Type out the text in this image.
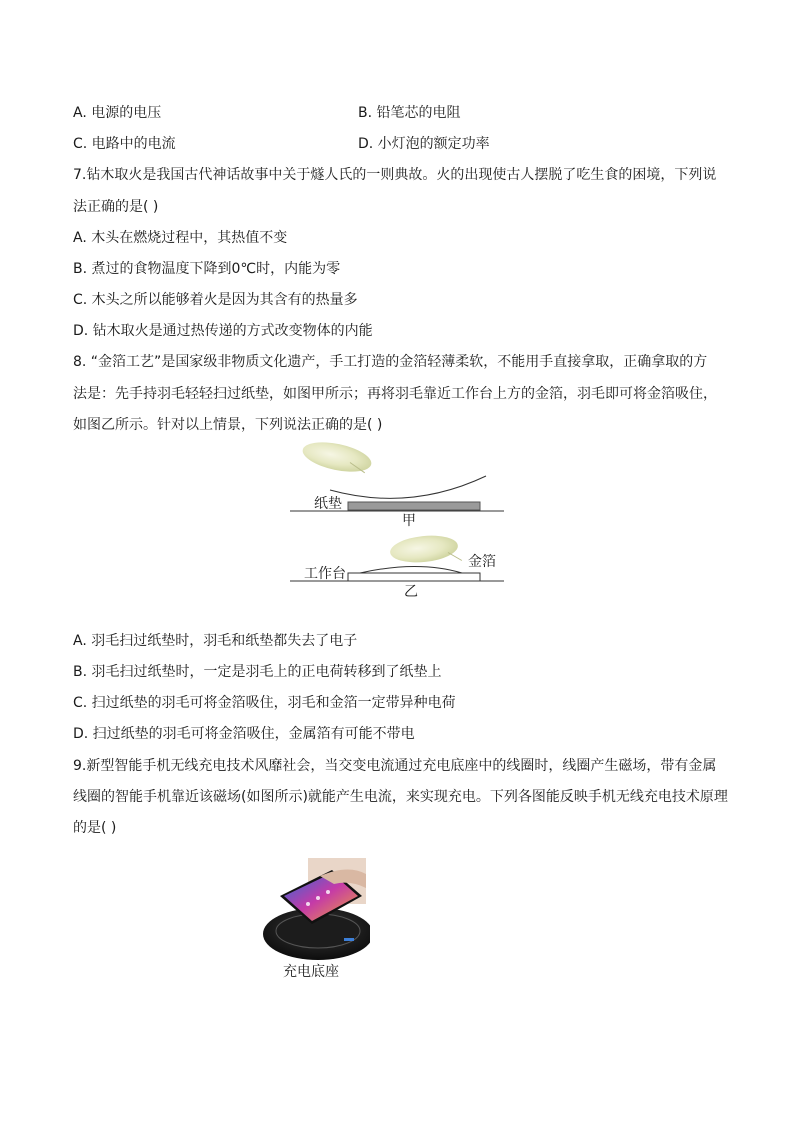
A. 电源的电压	B. 铅笔芯的电阻
C. 电路中的电流	D. 小灯泡的额定功率
7.钻木取火是我国古代神话故事中关于燧人氏的一则典故。火的出现使古人摆脱了吃生食的困境，下列说
法正确的是( )
A. 木头在燃烧过程中，其热值不变
B. 煮过的食物温度下降到0℃时，内能为零
C. 木头之所以能够着火是因为其含有的热量多
D. 钻木取火是通过热传递的方式改变物体的内能
8. “金箔工艺”是国家级非物质文化遗产，手工打造的金箔轻薄柔软，不能用手直接拿取，正确拿取的方
法是：先手持羽毛轻轻扫过纸垫，如图甲所示；再将羽毛靠近工作台上方的金箔，羽毛即可将金箔吸住，
如图乙所示。针对以上情景，下列说法正确的是( )
纸垫
甲
工作台
金箔
乙
A. 羽毛扫过纸垫时，羽毛和纸垫都失去了电子
B. 羽毛扫过纸垫时，一定是羽毛上的正电荷转移到了纸垫上
C. 扫过纸垫的羽毛可将金箔吸住，羽毛和金箔一定带异种电荷
D. 扫过纸垫的羽毛可将金箔吸住，金属箔有可能不带电
9.新型智能手机无线充电技术风靡社会，当交变电流通过充电底座中的线圈时，线圈产生磁场，带有金属
线圈的智能手机靠近该磁场(如图所示)就能产生电流，来实现充电。下列各图能反映手机无线充电技术原理
的是( )
充电底座
